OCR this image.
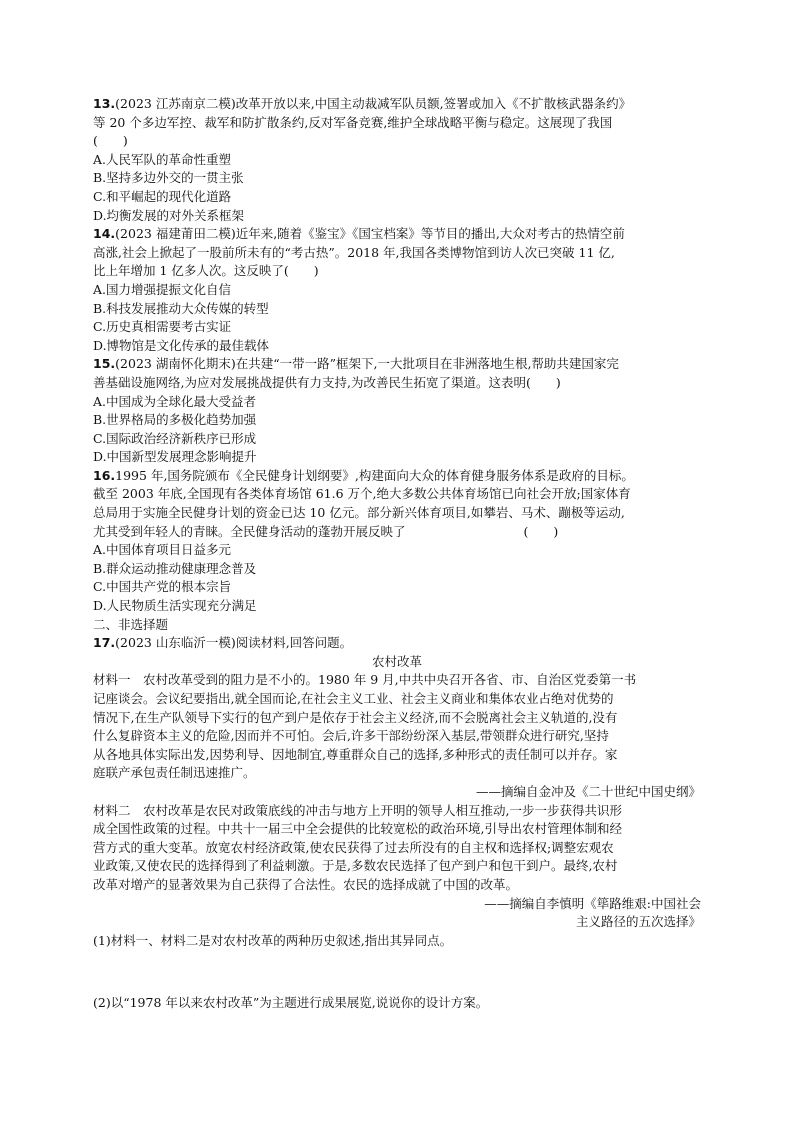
13.(2023 江苏南京二模)改革开放以来,中国主动裁减军队员额,签署或加入《不扩散核武器条约》
等 20 个多边军控、裁军和防扩散条约,反对军备竞赛,维护全球战略平衡与稳定。这展现了我国
(　　)
A.人民军队的革命性重塑
B.坚持多边外交的一贯主张
C.和平崛起的现代化道路
D.均衡发展的对外关系框架
14.(2023 福建莆田二模)近年来,随着《鉴宝》《国宝档案》等节目的播出,大众对考古的热情空前
高涨,社会上掀起了一股前所未有的“考古热”。2018 年,我国各类博物馆到访人次已突破 11 亿,
比上年增加 1 亿多人次。这反映了(　　)
A.国力增强提振文化自信
B.科技发展推动大众传媒的转型
C.历史真相需要考古实证
D.博物馆是文化传承的最佳载体
15.(2023 湖南怀化期末)在共建“一带一路”框架下,一大批项目在非洲落地生根,帮助共建国家完
善基础设施网络,为应对发展挑战提供有力支持,为改善民生拓宽了渠道。这表明(　　)
A.中国成为全球化最大受益者
B.世界格局的多极化趋势加强
C.国际政治经济新秩序已形成
D.中国新型发展理念影响提升
16.1995 年,国务院颁布《全民健身计划纲要》,构建面向大众的体育健身服务体系是政府的目标。
截至 2003 年底,全国现有各类体育场馆 61.6 万个,绝大多数公共体育场馆已向社会开放;国家体育
总局用于实施全民健身计划的资金已达 10 亿元。部分新兴体育项目,如攀岩、马术、蹦极等运动,
尤其受到年轻人的青睐。全民健身活动的蓬勃开展反映了	(　　)
A.中国体育项目日益多元
B.群众运动推动健康理念普及
C.中国共产党的根本宗旨
D.人民物质生活实现充分满足
二、非选择题
17.(2023 山东临沂一模)阅读材料,回答问题。
农村改革
材料一　农村改革受到的阻力是不小的。1980 年 9 月,中共中央召开各省、市、自治区党委第一书
记座谈会。会议纪要指出,就全国而论,在社会主义工业、社会主义商业和集体农业占绝对优势的
情况下,在生产队领导下实行的包产到户是依存于社会主义经济,而不会脱离社会主义轨道的,没有
什么复辟资本主义的危险,因而并不可怕。会后,许多干部纷纷深入基层,带领群众进行研究,坚持
从各地具体实际出发,因势利导、因地制宜,尊重群众自己的选择,多种形式的责任制可以并存。家
庭联产承包责任制迅速推广。
——摘编自金冲及《二十世纪中国史纲》
材料二　农村改革是农民对政策底线的冲击与地方上开明的领导人相互推动,一步一步获得共识形
成全国性政策的过程。中共十一届三中全会提供的比较宽松的政治环境,引导出农村管理体制和经
营方式的重大变革。放宽农村经济政策,使农民获得了过去所没有的自主权和选择权;调整宏观农
业政策,又使农民的选择得到了利益刺激。于是,多数农民选择了包产到户和包干到户。最终,农村
改革对增产的显著效果为自己获得了合法性。农民的选择成就了中国的改革。
——摘编自李慎明《筚路维艰:中国社会
主义路径的五次选择》
(1)材料一、材料二是对农村改革的两种历史叙述,指出其异同点。
(2)以“1978 年以来农村改革”为主题进行成果展览,说说你的设计方案。
